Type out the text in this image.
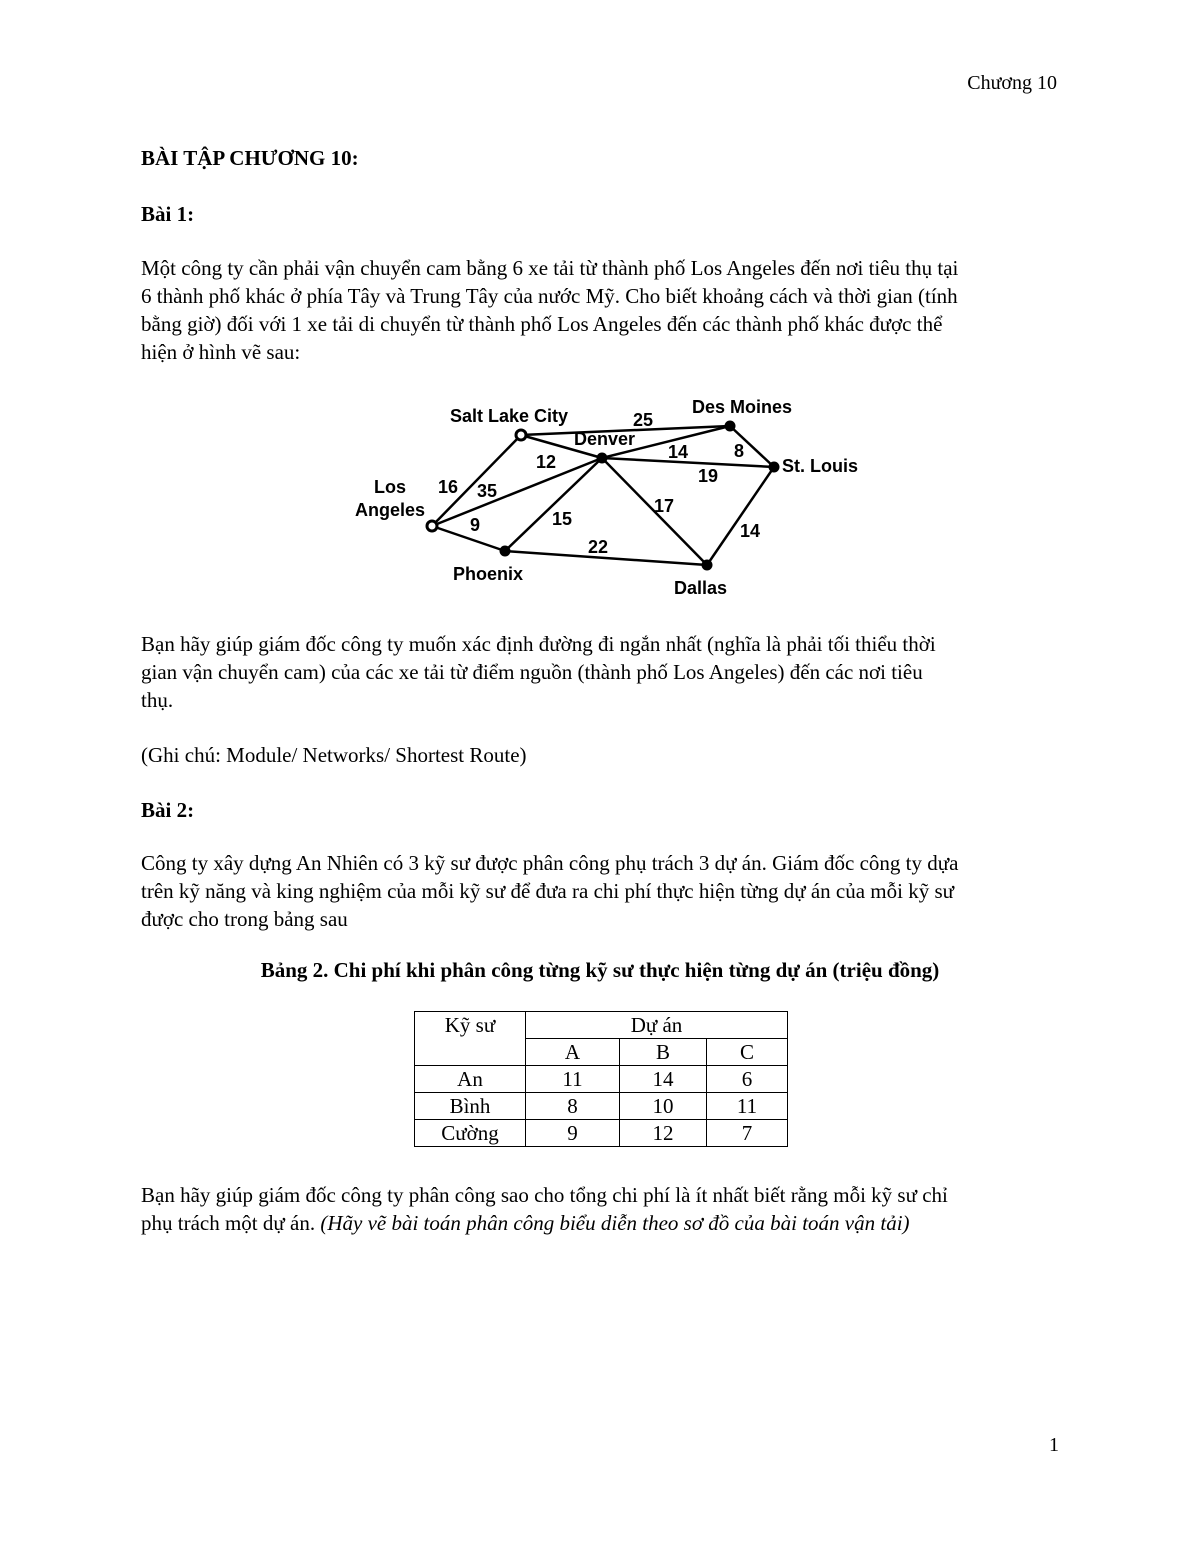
Chương 10
BÀI TẬP CHƯƠNG 10:
Bài 1:
Một công ty cần phải vận chuyển cam bằng 6 xe tải từ thành phố Los Angeles đến nơi tiêu thụ tại
6 thành phố khác ở phía Tây và Trung Tây của nước Mỹ. Cho biết khoảng cách và thời gian (tính
bằng giờ) đối với 1 xe tải di chuyển từ thành phố Los Angeles đến các thành phố khác được thể
hiện ở hình vẽ sau:
Los
Angeles
Salt Lake City
Denver
Des Moines
St. Louis
Phoenix
Dallas
16 35
9
12
25
14
19
15
17
8
22
14
Bạn hãy giúp giám đốc công ty muốn xác định đường đi ngắn nhất (nghĩa là phải tối thiểu thời
gian vận chuyển cam) của các xe tải từ điểm nguồn (thành phố Los Angeles) đến các nơi tiêu
thụ.
(Ghi chú: Module/ Networks/ Shortest Route)
Bài 2:
Công ty xây dựng An Nhiên có 3 kỹ sư được phân công phụ trách 3 dự án. Giám đốc công ty dựa
trên kỹ năng và king nghiệm của mỗi kỹ sư để đưa ra chi phí thực hiện từng dự án của mỗi kỹ sư
được cho trong bảng sau
Bảng 2. Chi phí khi phân công từng kỹ sư thực hiện từng dự án (triệu đồng)
Kỹ sư	Dự án		
	A	B	C
An	11	14	6
Bình	8	10	11
Cường	9	12	7
Bạn hãy giúp giám đốc công ty phân công sao cho tổng chi phí là ít nhất biết rằng mỗi kỹ sư chỉ
phụ trách một dự án. (Hãy vẽ bài toán phân công biểu diễn theo sơ đồ của bài toán vận tải)
1
